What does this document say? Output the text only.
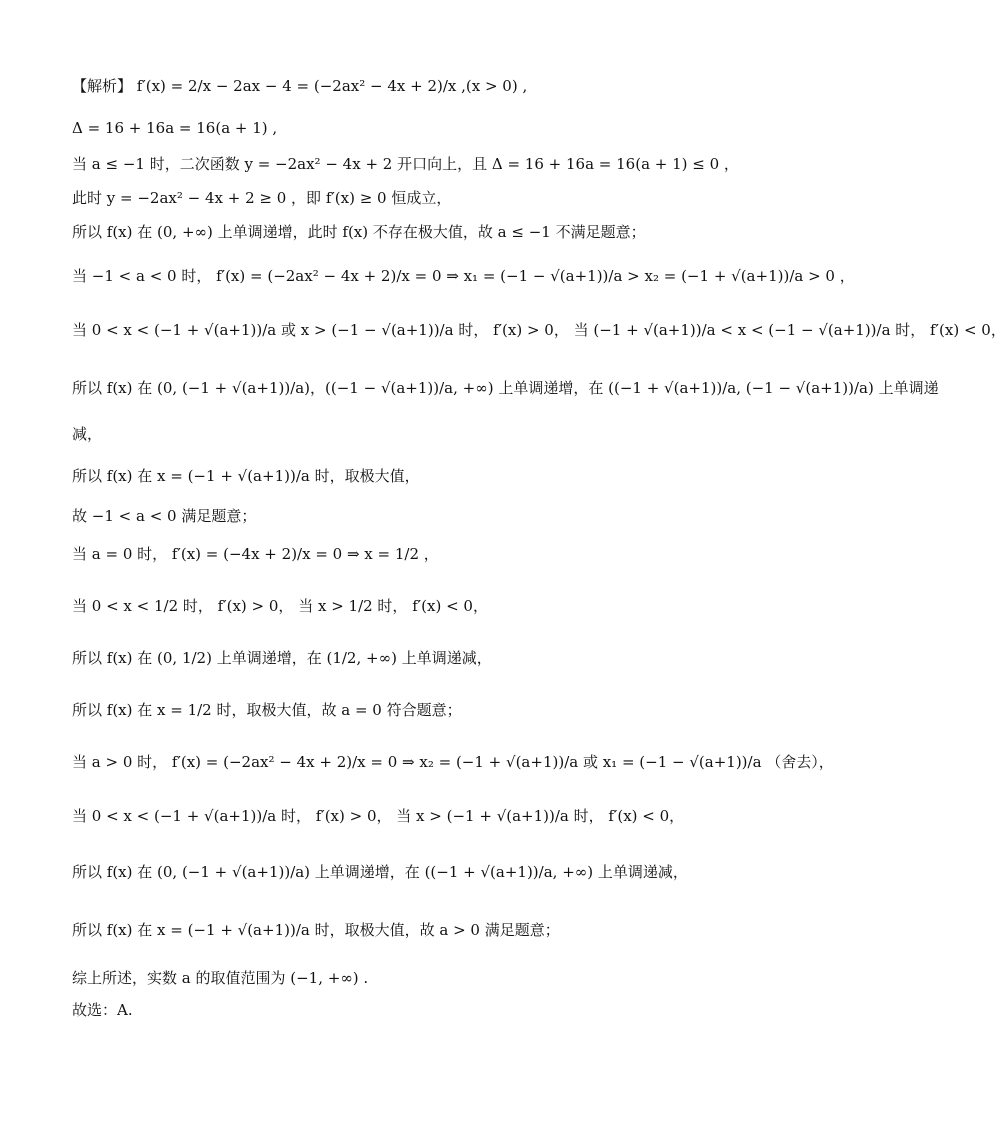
【解析】 f′(x) = 2/x − 2ax − 4 = (−2ax² − 4x + 2)/x ,(x > 0) ,
Δ = 16 + 16a = 16(a + 1) ,
当 a ≤ −1 时，二次函数 y = −2ax² − 4x + 2 开口向上，且 Δ = 16 + 16a = 16(a + 1) ≤ 0 ，
此时 y = −2ax² − 4x + 2 ≥ 0 ，即 f′(x) ≥ 0 恒成立，
所以 f(x) 在 (0, +∞) 上单调递增，此时 f(x) 不存在极大值，故 a ≤ −1 不满足题意；
当 −1 < a < 0 时， f′(x) = (−2ax² − 4x + 2)/x = 0 ⇒ x₁ = (−1 − √(a+1))/a > x₂ = (−1 + √(a+1))/a > 0 ，
当 0 < x < (−1 + √(a+1))/a 或 x > (−1 − √(a+1))/a 时， f′(x) > 0， 当 (−1 + √(a+1))/a < x < (−1 − √(a+1))/a 时， f′(x) < 0，
所以 f(x) 在 (0, (−1 + √(a+1))/a)，((−1 − √(a+1))/a, +∞) 上单调递增，在 ((−1 + √(a+1))/a, (−1 − √(a+1))/a) 上单调递
减，
所以 f(x) 在 x = (−1 + √(a+1))/a 时，取极大值，
故 −1 < a < 0 满足题意；
当 a = 0 时， f′(x) = (−4x + 2)/x = 0 ⇒ x = 1/2 ，
当 0 < x < 1/2 时， f′(x) > 0， 当 x > 1/2 时， f′(x) < 0，
所以 f(x) 在 (0, 1/2) 上单调递增，在 (1/2, +∞) 上单调递减，
所以 f(x) 在 x = 1/2 时，取极大值，故 a = 0 符合题意；
当 a > 0 时， f′(x) = (−2ax² − 4x + 2)/x = 0 ⇒ x₂ = (−1 + √(a+1))/a 或 x₁ = (−1 − √(a+1))/a （舍去），
当 0 < x < (−1 + √(a+1))/a 时， f′(x) > 0， 当 x > (−1 + √(a+1))/a 时， f′(x) < 0，
所以 f(x) 在 (0, (−1 + √(a+1))/a) 上单调递增，在 ((−1 + √(a+1))/a, +∞) 上单调递减，
所以 f(x) 在 x = (−1 + √(a+1))/a 时，取极大值，故 a > 0 满足题意；
综上所述，实数 a 的取值范围为 (−1, +∞) .
故选：A.
